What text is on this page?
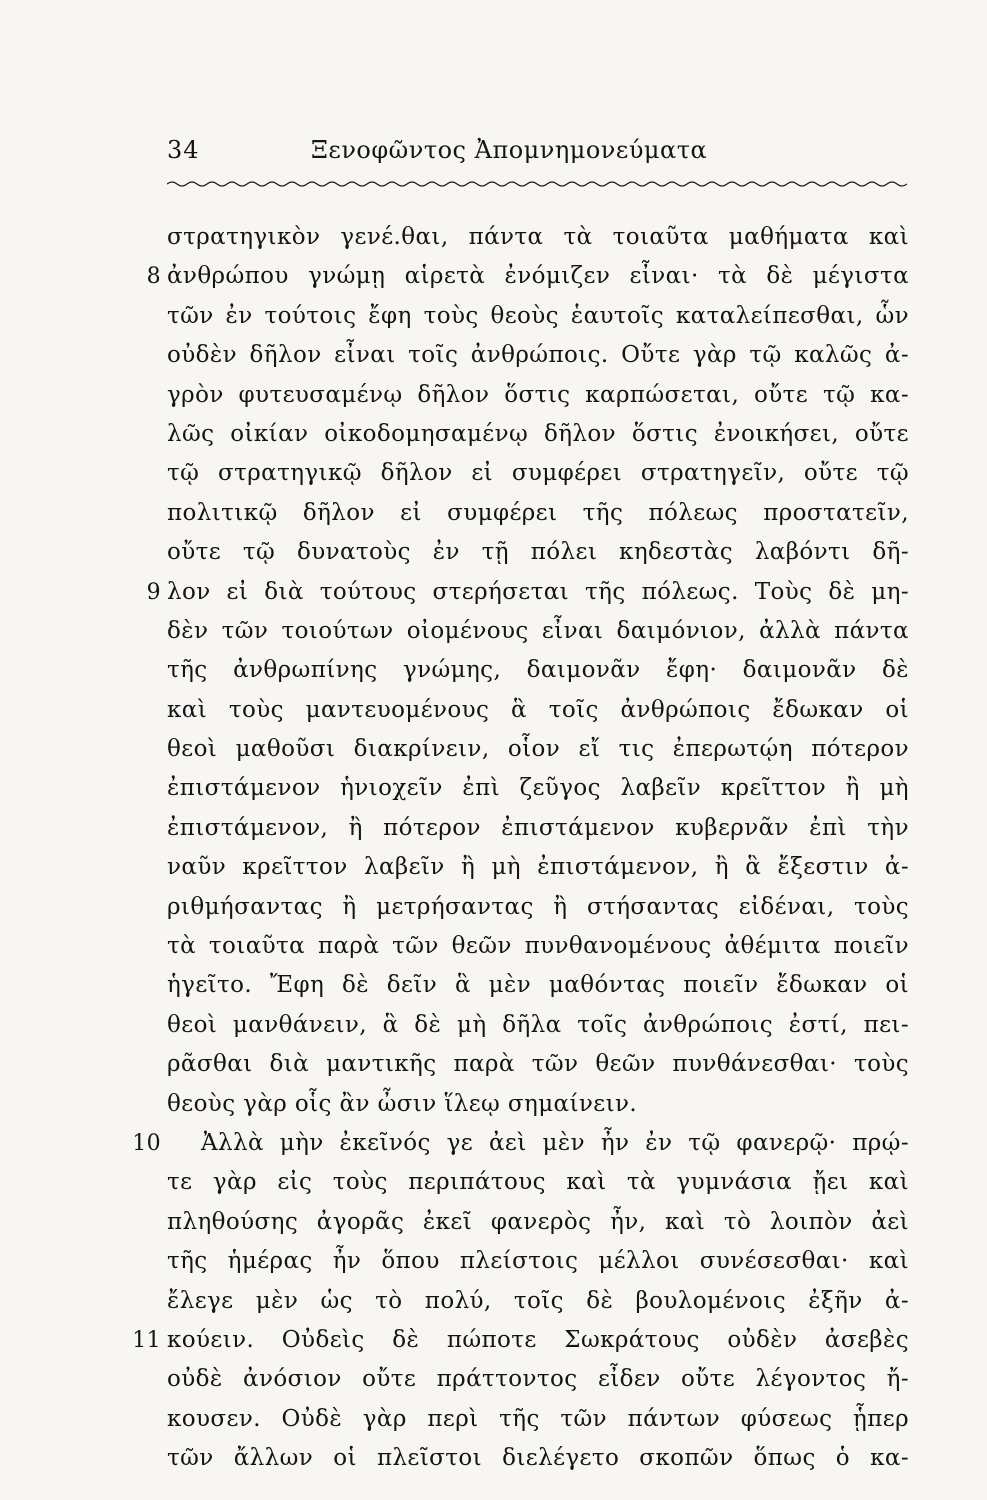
34	Ξενοφῶντος Ἀπομνημονεύματα
στρατηγικὸν γενέ.θαι, πάντα τὰ τοιαῦτα μαθήματα καὶ
8 ἀνθρώπου γνώμῃ αἱρετὰ ἐνόμιζεν εἶναι· τὰ δὲ μέγιστα
τῶν ἐν τούτοις ἔφη τοὺς θεοὺς ἑαυτοῖς καταλείπεσθαι, ὧν
οὐδὲν δῆλον εἶναι τοῖς ἀνθρώποις. Οὔτε γὰρ τῷ καλῶς ἀ-
γρὸν φυτευσαμένῳ δῆλον ὅστις καρπώσεται, οὔτε τῷ κα-
λῶς οἰκίαν οἰκοδομησαμένῳ δῆλον ὅστις ἐνοικήσει, οὔτε
τῷ στρατηγικῷ δῆλον εἰ συμφέρει στρατηγεῖν, οὔτε τῷ
πολιτικῷ δῆλον εἰ συμφέρει τῆς πόλεως προστατεῖν,
οὔτε τῷ δυνατοὺς ἐν τῇ πόλει κηδεστὰς λαβόντι δῆ-
9 λον εἰ διὰ τούτους στερήσεται τῆς πόλεως. Τοὺς δὲ μη-
δὲν τῶν τοιούτων οἰομένους εἶναι δαιμόνιον, ἀλλὰ πάντα
τῆς ἀνθρωπίνης γνώμης, δαιμονᾶν ἔφη· δαιμονᾶν δὲ
καὶ τοὺς μαντευομένους ἃ τοῖς ἀνθρώποις ἔδωκαν οἱ
θεοὶ μαθοῦσι διακρίνειν, οἷον εἴ τις ἐπερωτῴη πότερον
ἐπιστάμενον ἡνιοχεῖν ἐπὶ ζεῦγος λαβεῖν κρεῖττον ἢ μὴ
ἐπιστάμενον, ἢ πότερον ἐπιστάμενον κυβερνᾶν ἐπὶ τὴν
ναῦν κρεῖττον λαβεῖν ἢ μὴ ἐπιστάμενον, ἢ ἃ ἔξεστιν ἀ-
ριθμήσαντας ἢ μετρήσαντας ἢ στήσαντας εἰδέναι, τοὺς
τὰ τοιαῦτα παρὰ τῶν θεῶν πυνθανομένους ἀθέμιτα ποιεῖν
ἡγεῖτο. Ἔφη δὲ δεῖν ἃ μὲν μαθόντας ποιεῖν ἔδωκαν οἱ
θεοὶ μανθάνειν, ἃ δὲ μὴ δῆλα τοῖς ἀνθρώποις ἐστί, πει-
ρᾶσθαι διὰ μαντικῆς παρὰ τῶν θεῶν πυνθάνεσθαι· τοὺς
θεοὺς γὰρ οἷς ἂν ὦσιν ἵλεῳ σημαίνειν.
10 Ἀλλὰ μὴν ἐκεῖνός γε ἀεὶ μὲν ἦν ἐν τῷ φανερῷ· πρῴ-
τε γὰρ εἰς τοὺς περιπάτους καὶ τὰ γυμνάσια ᾔει καὶ
πληθούσης ἀγορᾶς ἐκεῖ φανερὸς ἦν, καὶ τὸ λοιπὸν ἀεὶ
τῆς ἡμέρας ἦν ὅπου πλείστοις μέλλοι συνέσεσθαι· καὶ
ἔλεγε μὲν ὡς τὸ πολύ, τοῖς δὲ βουλομένοις ἐξῆν ἀ-
11 κούειν. Οὐδεὶς δὲ πώποτε Σωκράτους οὐδὲν ἀσεβὲς
οὐδὲ ἀνόσιον οὔτε πράττοντος εἶδεν οὔτε λέγοντος ἤ-
κουσεν. Οὐδὲ γὰρ περὶ τῆς τῶν πάντων φύσεως ᾗπερ
τῶν ἄλλων οἱ πλεῖστοι διελέγετο σκοπῶν ὅπως ὁ κα-
